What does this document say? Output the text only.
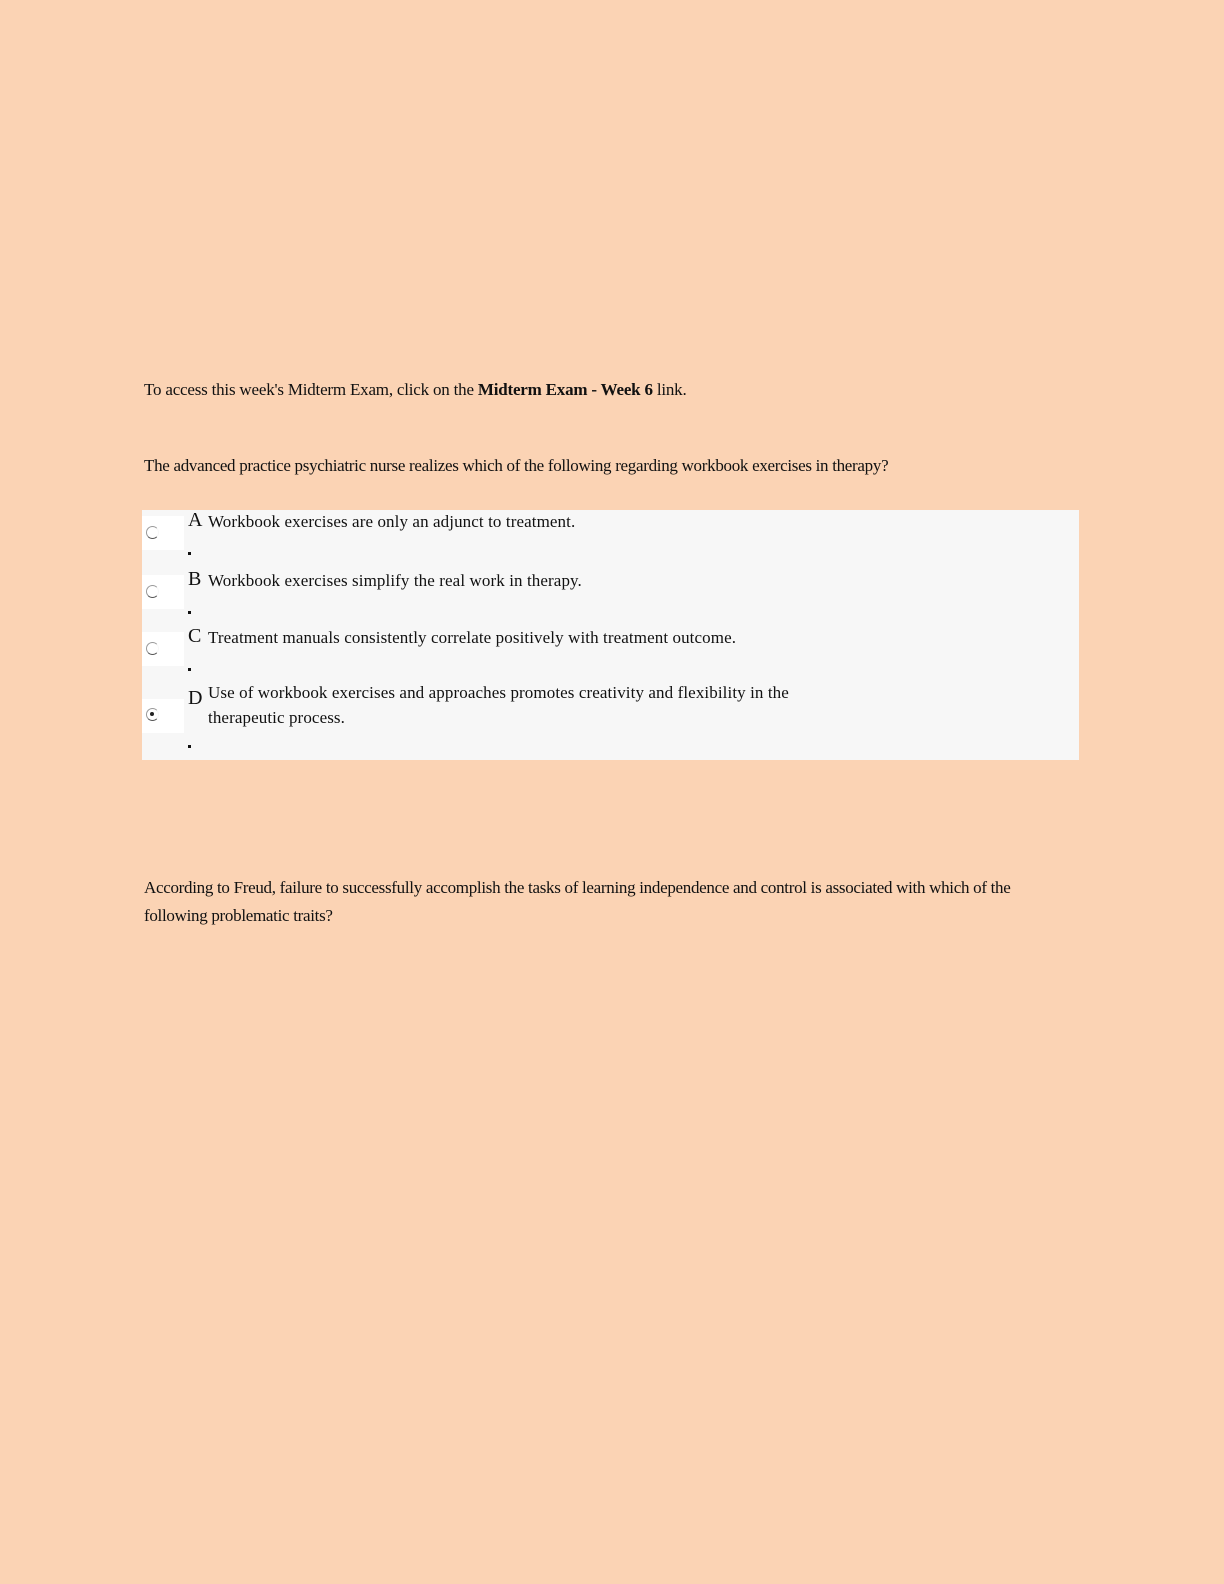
To access this week's Midterm Exam, click on the Midterm Exam - Week 6 link.

The advanced practice psychiatric nurse realizes which of the following regarding workbook exercises in therapy?

A Workbook exercises are only an adjunct to treatment.
B Workbook exercises simplify the real work in therapy.
C Treatment manuals consistently correlate positively with treatment outcome.
D Use of workbook exercises and approaches promotes creativity and flexibility in the therapeutic process.

According to Freud, failure to successfully accomplish the tasks of learning independence and control is associated with which of the following problematic traits?
